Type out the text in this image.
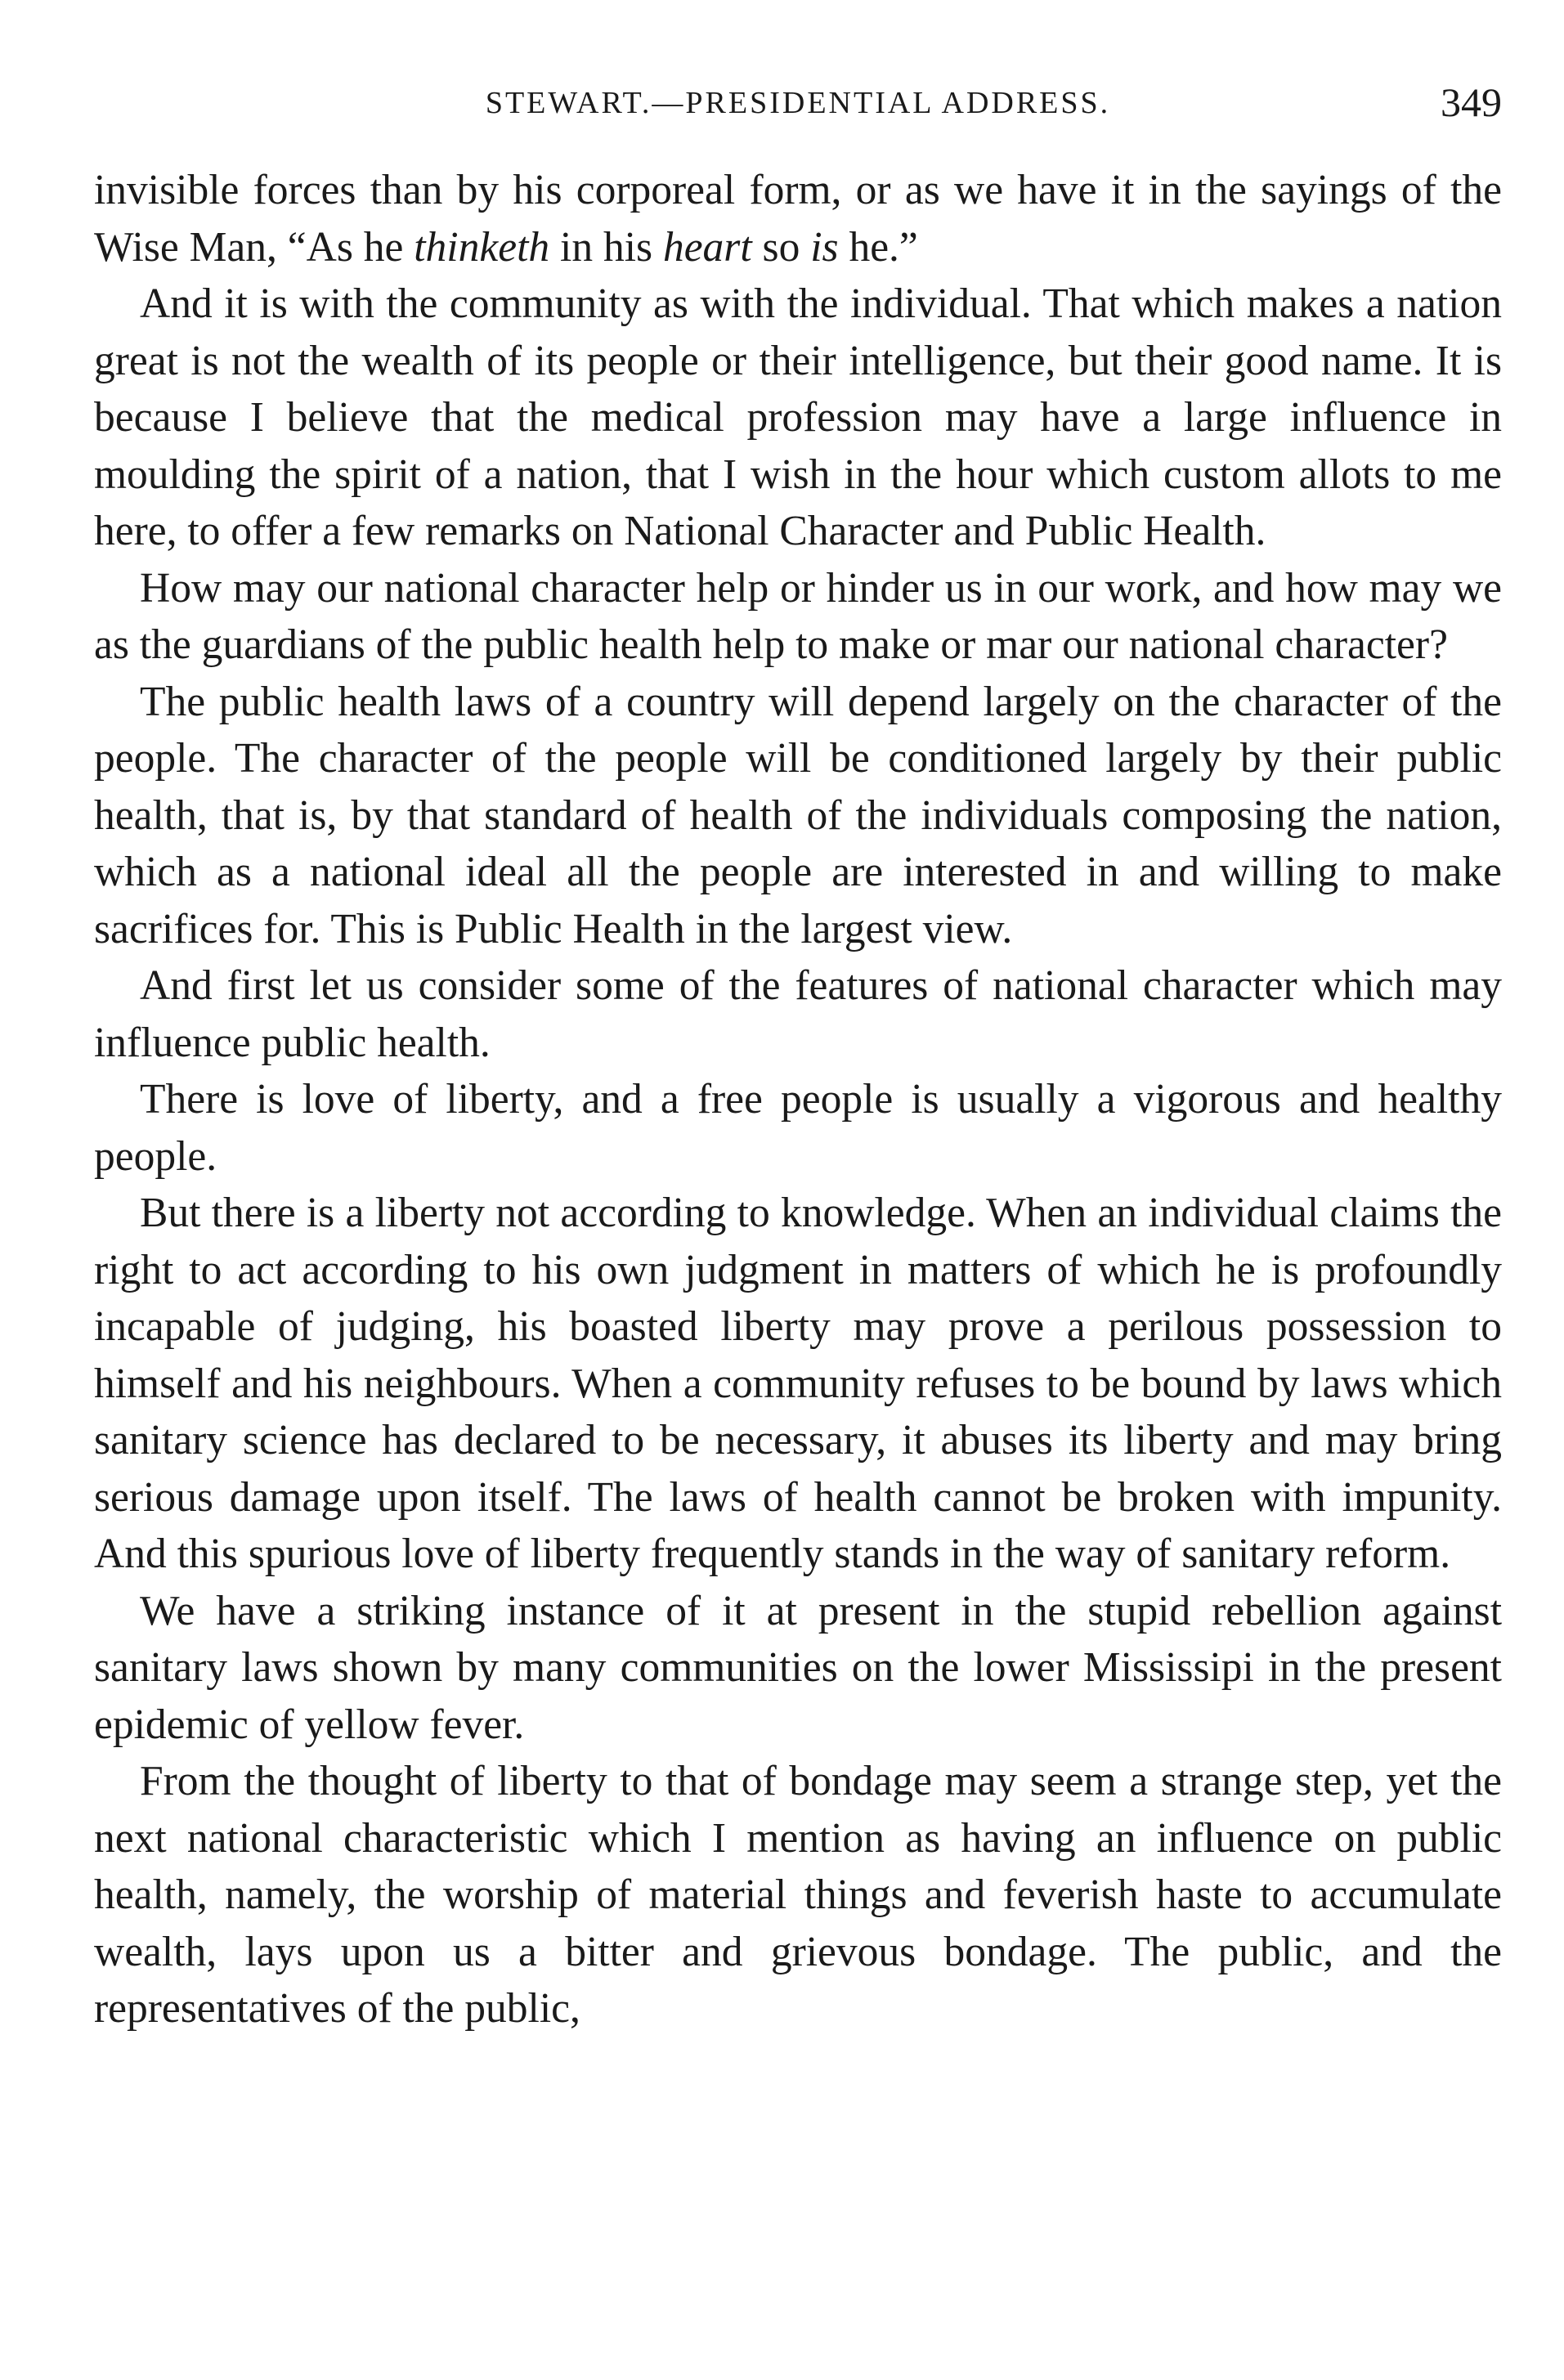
STEWART.—PRESIDENTIAL ADDRESS.	349

invisible forces than by his corporeal form, or as we have it in the sayings of the Wise Man, “As he thinketh in his heart so is he.”

And it is with the community as with the individual. That which makes a nation great is not the wealth of its people or their intelligence, but their good name. It is because I believe that the medical profession may have a large influence in moulding the spirit of a nation, that I wish in the hour which custom allots to me here, to offer a few remarks on National Character and Public Health.

How may our national character help or hinder us in our work, and how may we as the guardians of the public health help to make or mar our national character?

The public health laws of a country will depend largely on the character of the people. The character of the people will be conditioned largely by their public health, that is, by that standard of health of the individuals composing the nation, which as a national ideal all the people are interested in and willing to make sacrifices for. This is Public Health in the largest view.

And first let us consider some of the features of national character which may influence public health.

There is love of liberty, and a free people is usually a vigorous and healthy people.

But there is a liberty not according to knowledge. When an individual claims the right to act according to his own judgment in matters of which he is profoundly incapable of judging, his boasted liberty may prove a perilous possession to himself and his neighbours. When a community refuses to be bound by laws which sanitary science has declared to be necessary, it abuses its liberty and may bring serious damage upon itself. The laws of health cannot be broken with impunity. And this spurious love of liberty frequently stands in the way of sanitary reform.

We have a striking instance of it at present in the stupid rebellion against sanitary laws shown by many communities on the lower Mississipi in the present epidemic of yellow fever.

From the thought of liberty to that of bondage may seem a strange step, yet the next national characteristic which I mention as having an influence on public health, namely, the worship of material things and feverish haste to accumulate wealth, lays upon us a bitter and grievous bondage. The public, and the representatives of the public,
